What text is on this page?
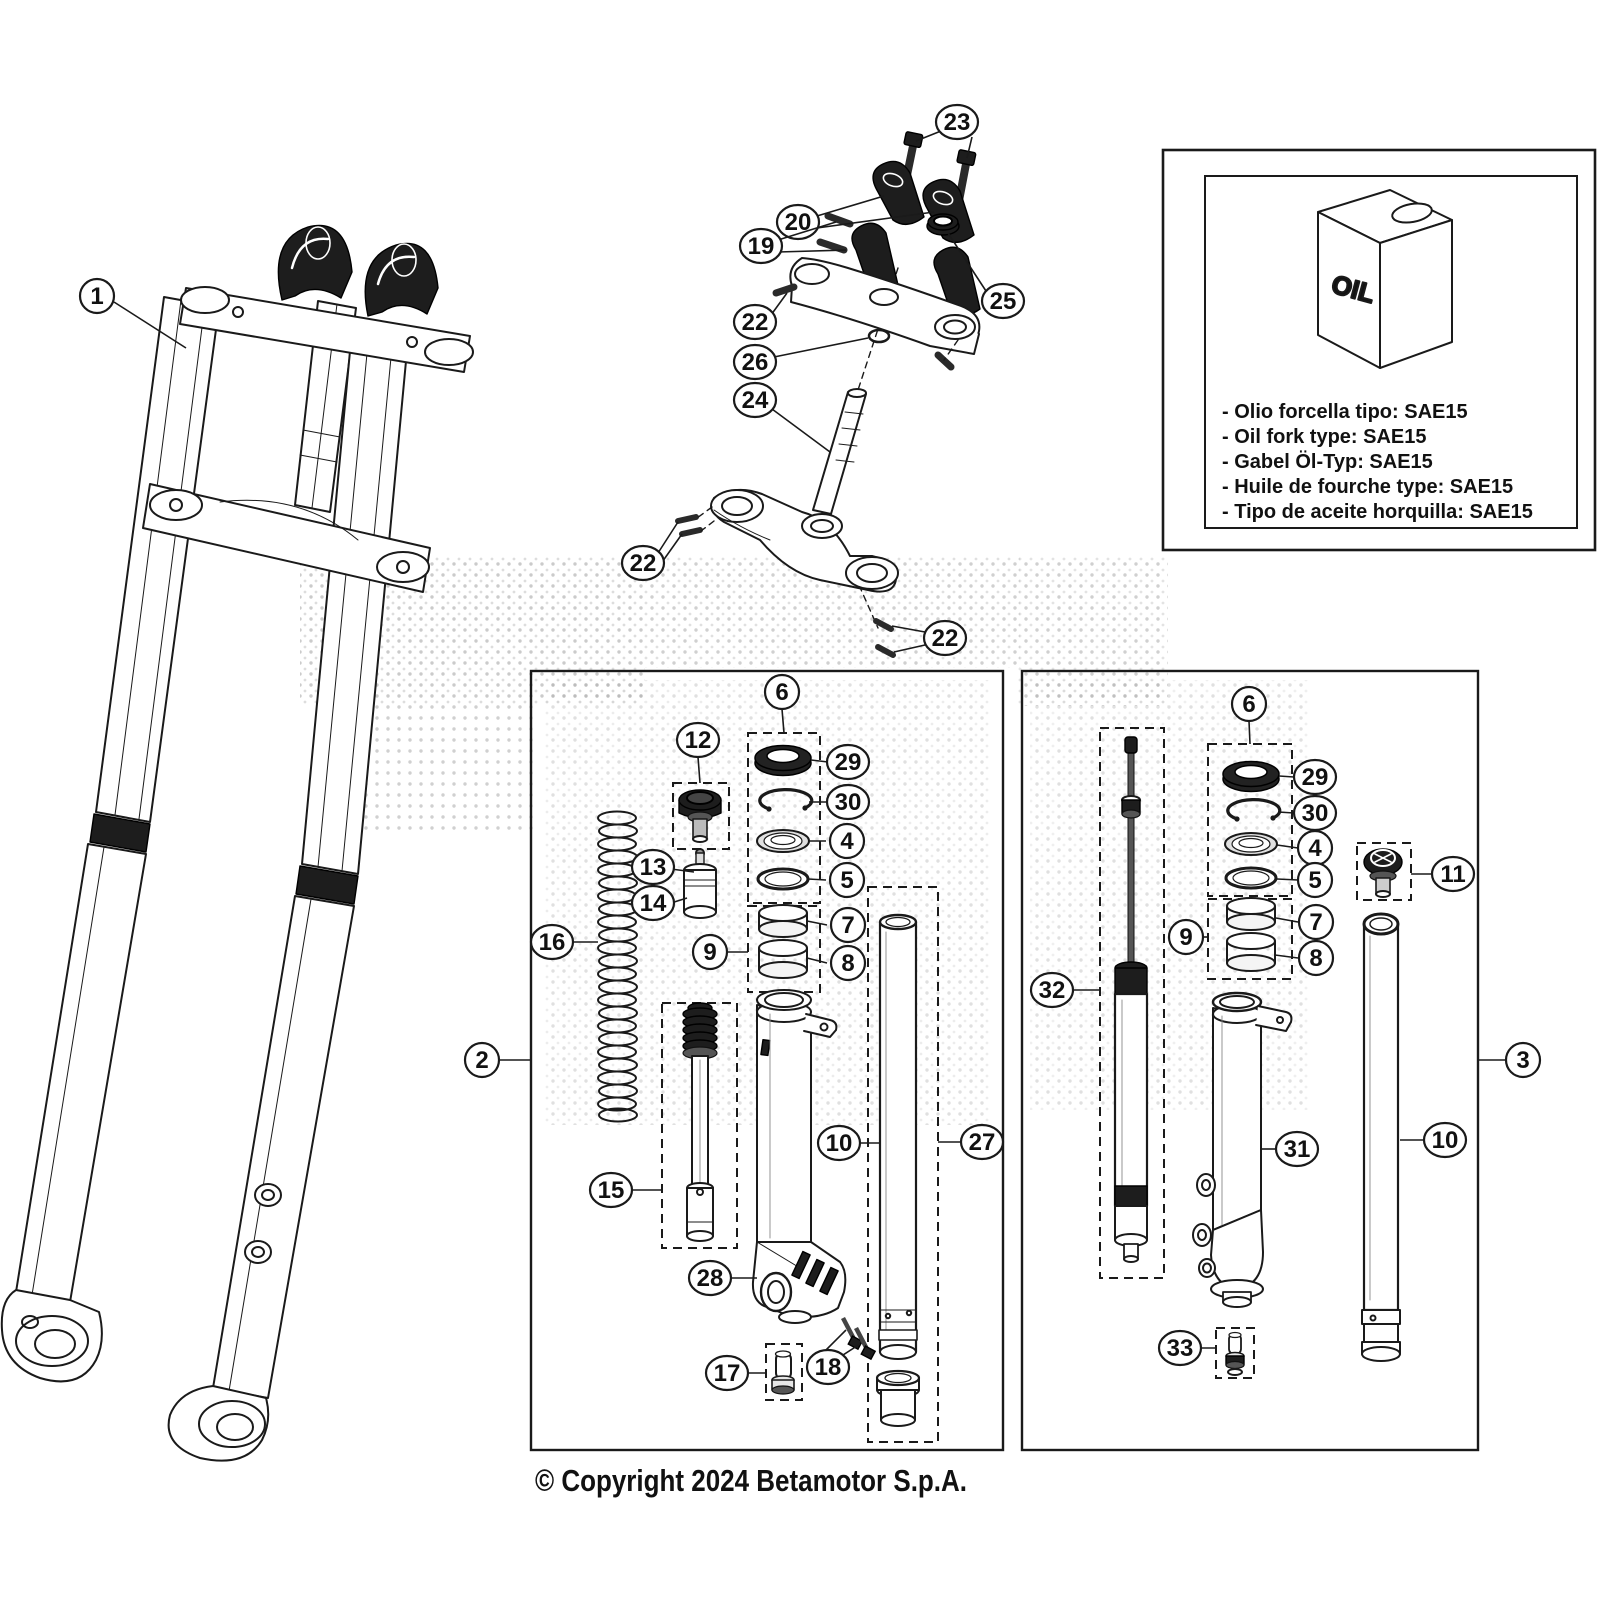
OIL
- Olio forcella tipo: SAE15
- Oil fork type: SAE15
- Gabel Öl-Typ: SAE15
- Huile de fourche type: SAE15
- Tipo de aceite horquilla: SAE15
1
23
20
19
25
22
26
24
22
22
2	3
6
12
29
30
4
5
7
8
9
13
14
16
15
28
10	27
17	18
6
32
29
30
4
5
7
8
9
11
31	10
33
© Copyright 2024 Betamotor S.p.A.
